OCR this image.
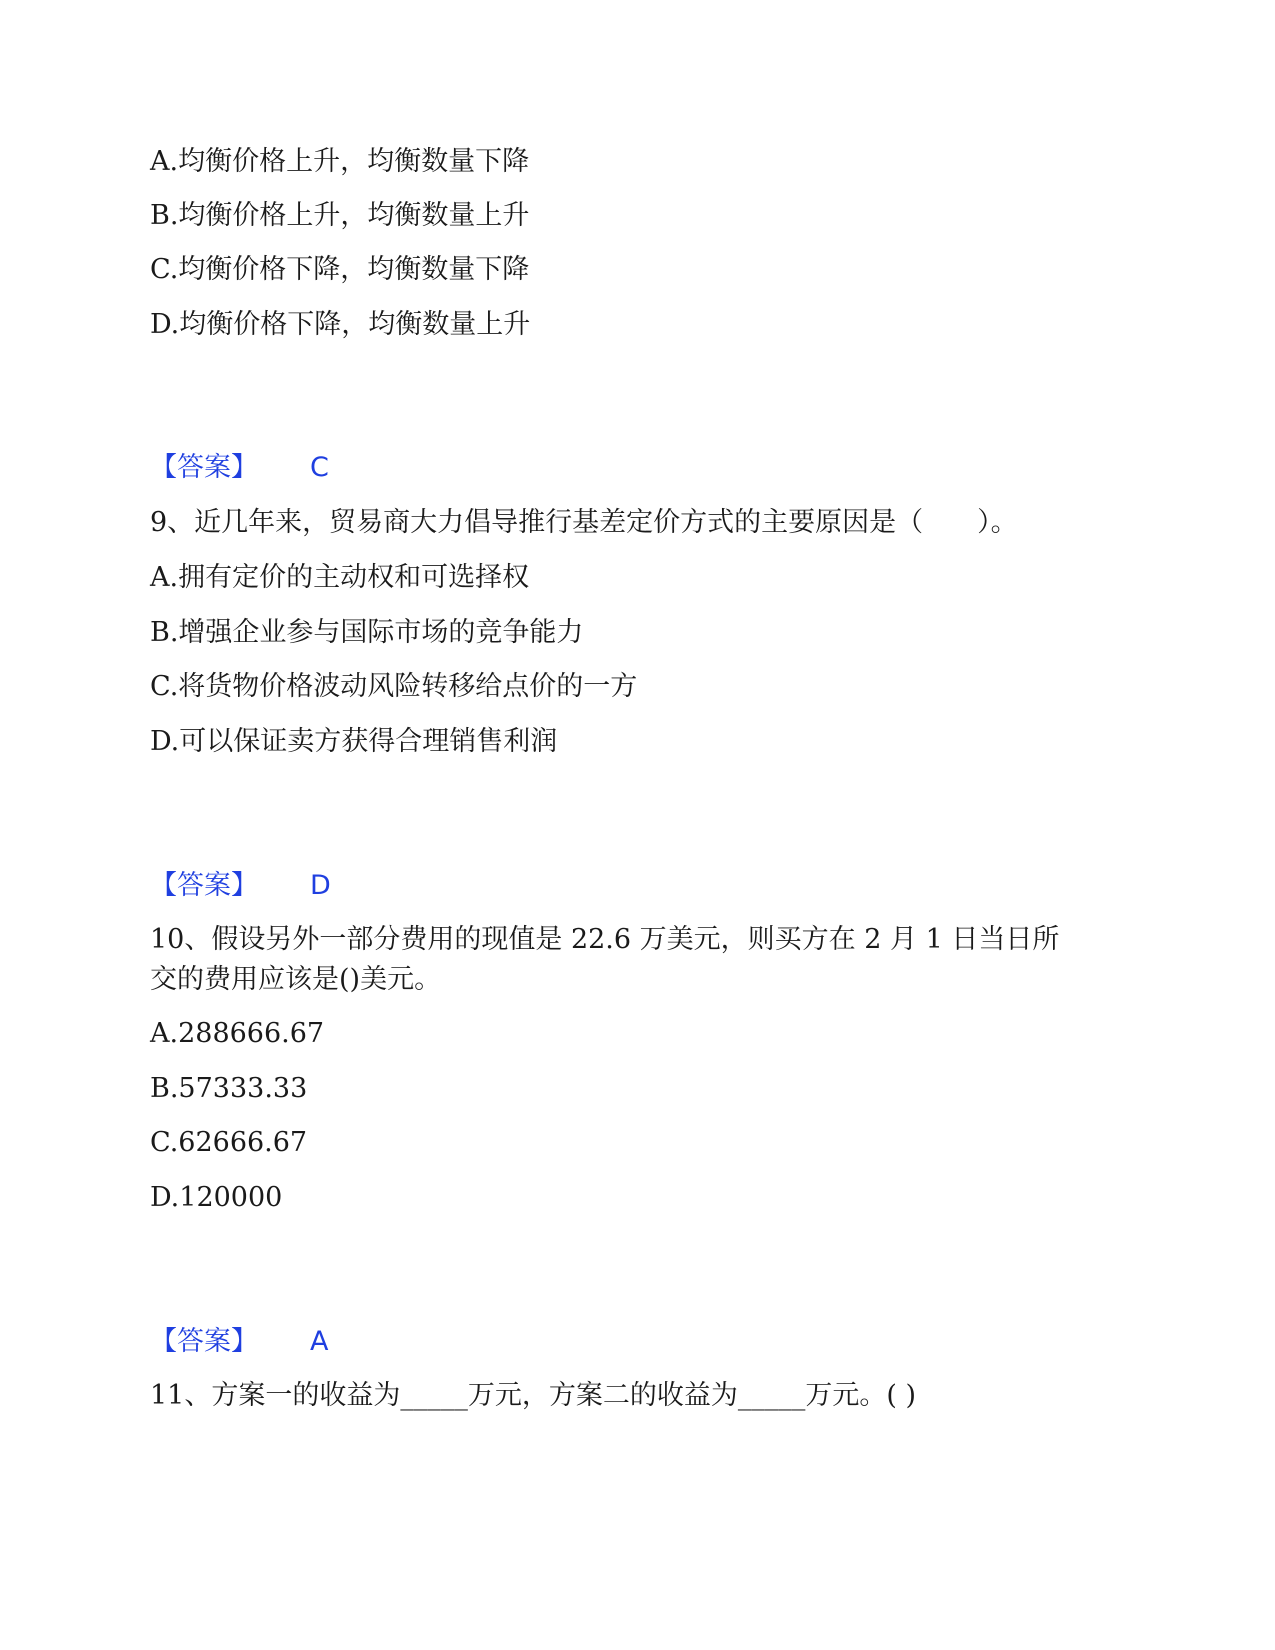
A.均衡价格上升，均衡数量下降
B.均衡价格上升，均衡数量上升
C.均衡价格下降，均衡数量下降
D.均衡价格下降，均衡数量上升
【答案】 C
9、近几年来，贸易商大力倡导推行基差定价方式的主要原因是（　　）。
A.拥有定价的主动权和可选择权
B.增强企业参与国际市场的竞争能力
C.将货物价格波动风险转移给点价的一方
D.可以保证卖方获得合理销售利润
【答案】 D
10、假设另外一部分费用的现值是 22.6 万美元，则买方在 2 月 1 日当日所
交的费用应该是()美元。
A.288666.67
B.57333.33
C.62666.67
D.120000
【答案】 A
11、方案一的收益为_____万元，方案二的收益为_____万元。( )
